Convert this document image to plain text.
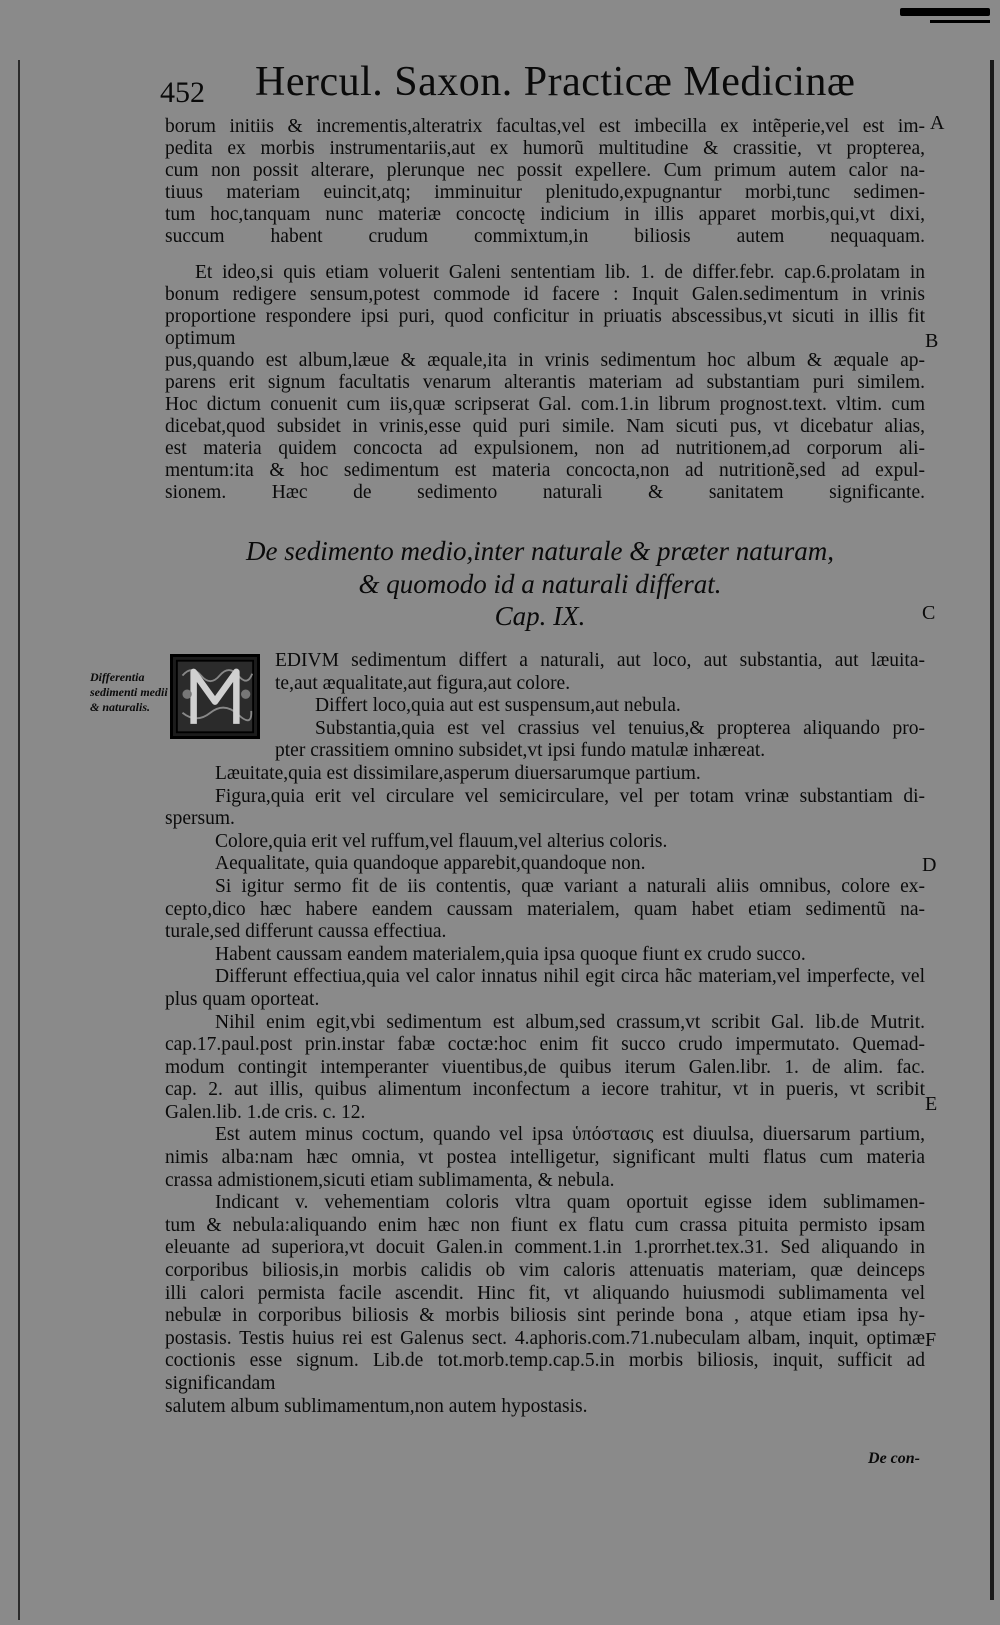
452 Hercul. Saxon. Practicæ Medicinæ
A
B
C
D
E
F
borum initiis & incrementis,alteratrix facultas,vel est imbecilla ex intẽperie,vel est im-
pedita ex morbis instrumentariis,aut ex humorũ multitudine & crassitie, vt propterea,
cum non possit alterare, plerunque nec possit expellere. Cum primum autem calor na-
tiuus materiam euincit,atq; imminuitur plenitudo,expugnantur morbi,tunc sedimen-
tum hoc,tanquam nunc materiæ concoctę indicium in illis apparet morbis,qui,vt dixi,
succum habent crudum commixtum,in biliosis autem nequaquam.
Et ideo,si quis etiam voluerit Galeni sententiam lib. 1. de differ.febr. cap.6.prolatam in
bonum redigere sensum,potest commode id facere : Inquit Galen.sedimentum in vrinis
proportione respondere ipsi puri, quod conficitur in priuatis abscessibus,vt sicuti in illis fit optimum
pus,quando est album,læue & æquale,ita in vrinis sedimentum hoc album & æquale ap-
parens erit signum facultatis venarum alterantis materiam ad substantiam puri similem.
Hoc dictum conuenit cum iis,quæ scripserat Gal. com.1.in librum prognost.text. vltim. cum
dicebat,quod subsidet in vrinis,esse quid puri simile. Nam sicuti pus, vt dicebatur alias,
est materia quidem concocta ad expulsionem, non ad nutritionem,ad corporum ali-
mentum:ita & hoc sedimentum est materia concocta,non ad nutritionẽ,sed ad expul-
sionem. Hæc de sedimento naturali & sanitatem significante.
De sedimento medio,inter naturale & præter naturam,
& quomodo id a naturali differat.
Cap. IX.
Differentia sedimenti medii & naturalis.
EDIVM sedimentum differt a naturali, aut loco, aut substantia, aut læuita-
te,aut æqualitate,aut figura,aut colore.
Differt loco,quia aut est suspensum,aut nebula.
Substantia,quia est vel crassius vel tenuius,& propterea aliquando pro-
pter crassitiem omnino subsidet,vt ipsi fundo matulæ inhæreat.
Læuitate,quia est dissimilare,asperum diuersarumque partium.
Figura,quia erit vel circulare vel semicirculare, vel per totam vrinæ substantiam di-
spersum.
Colore,quia erit vel ruffum,vel flauum,vel alterius coloris.
Aequalitate, quia quandoque apparebit,quandoque non.
Si igitur sermo fit de iis contentis, quæ variant a naturali aliis omnibus, colore ex-
cepto,dico hæc habere eandem caussam materialem, quam habet etiam sedimentũ na-
turale,sed differunt caussa effectiua.
Habent caussam eandem materialem,quia ipsa quoque fiunt ex crudo succo.
Differunt effectiua,quia vel calor innatus nihil egit circa hãc materiam,vel imperfecte, vel
plus quam oporteat.
Nihil enim egit,vbi sedimentum est album,sed crassum,vt scribit Gal. lib.de Mutrit.
cap.17.paul.post prin.instar fabæ coctæ:hoc enim fit succo crudo impermutato. Quemad-
modum contingit intemperanter viuentibus,de quibus iterum Galen.libr. 1. de alim. fac.
cap. 2. aut illis, quibus alimentum inconfectum a iecore trahitur, vt in pueris, vt scribit
Galen.lib. 1.de cris. c. 12.
Est autem minus coctum, quando vel ipsa ὑπόστασις est diuulsa, diuersarum partium,
nimis alba:nam hæc omnia, vt postea intelligetur, significant multi flatus cum materia
crassa admistionem,sicuti etiam sublimamenta, & nebula.
Indicant v. vehementiam coloris vltra quam oportuit egisse idem sublimamen-
tum & nebula:aliquando enim hæc non fiunt ex flatu cum crassa pituita permisto ipsam
eleuante ad superiora,vt docuit Galen.in comment.1.in 1.prorrhet.tex.31. Sed aliquando in
corporibus biliosis,in morbis calidis ob vim caloris attenuatis materiam, quæ deinceps
illi calori permista facile ascendit. Hinc fit, vt aliquando huiusmodi sublimamenta vel
nebulæ in corporibus biliosis & morbis biliosis sint perinde bona , atque etiam ipsa hy-
postasis. Testis huius rei est Galenus sect. 4.aphoris.com.71.nubeculam albam, inquit, optimæ
coctionis esse signum. Lib.de tot.morb.temp.cap.5.in morbis biliosis, inquit, sufficit ad significandam
salutem album sublimamentum,non autem hypostasis.
De con-
